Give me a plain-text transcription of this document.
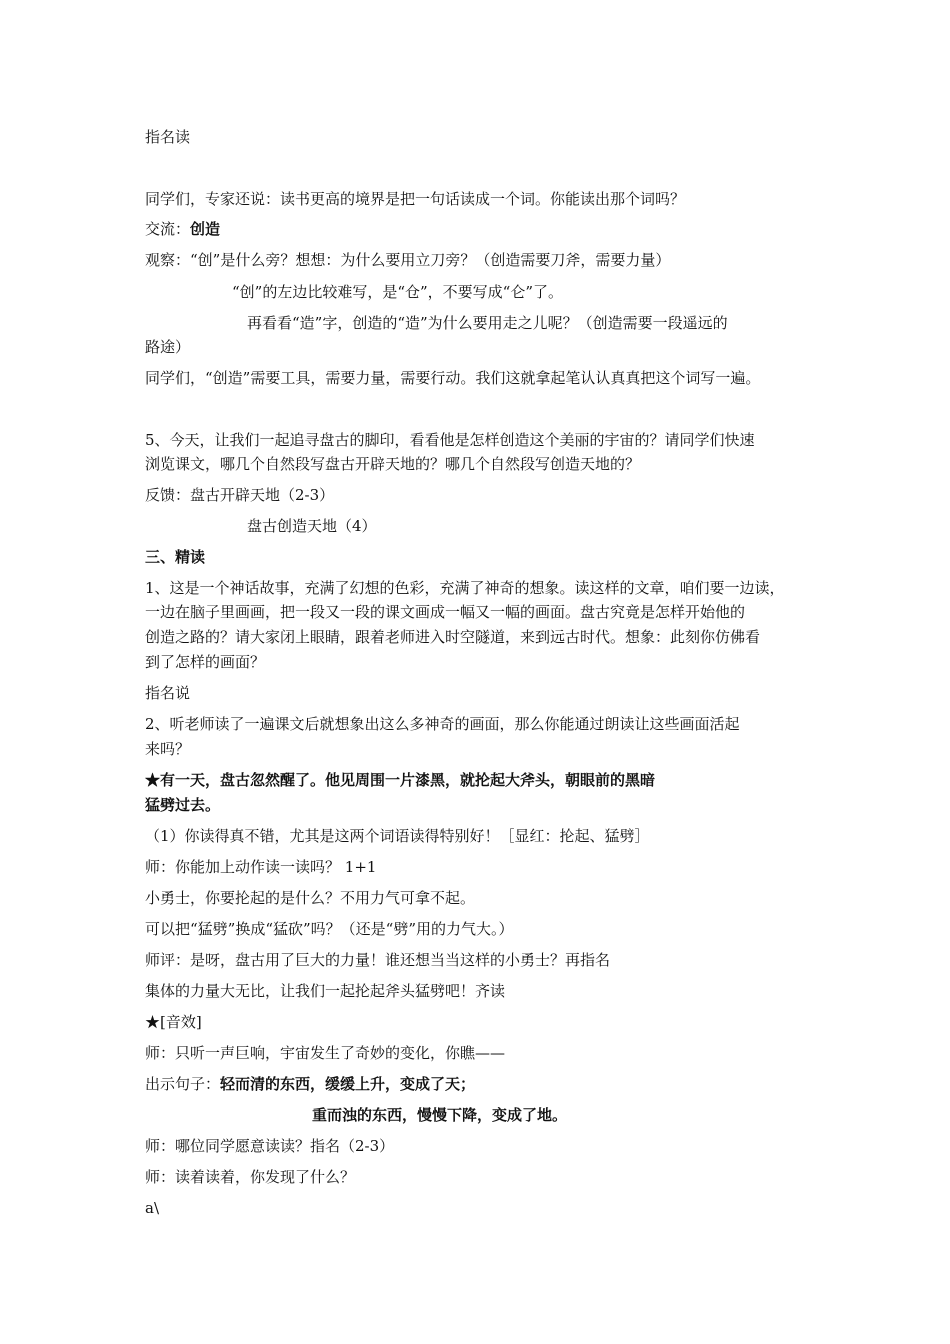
指名读
同学们，专家还说：读书更高的境界是把一句话读成一个词。你能读出那个词吗？
交流：创造
观察：“创”是什么旁？想想：为什么要用立刀旁？（创造需要刀斧，需要力量）
“创”的左边比较难写，是“仓”，不要写成“仑”了。
再看看“造”字，创造的“造”为什么要用走之儿呢？（创造需要一段遥远的
路途）
同学们，“创造”需要工具，需要力量，需要行动。我们这就拿起笔认认真真把这个词写一遍。
5、今天，让我们一起追寻盘古的脚印，看看他是怎样创造这个美丽的宇宙的？请同学们快速
浏览课文，哪几个自然段写盘古开辟天地的？哪几个自然段写创造天地的？
反馈：盘古开辟天地（2-3）
盘古创造天地（4）
三、精读
1、这是一个神话故事，充满了幻想的色彩，充满了神奇的想象。读这样的文章，咱们要一边读，
一边在脑子里画画，把一段又一段的课文画成一幅又一幅的画面。盘古究竟是怎样开始他的
创造之路的？请大家闭上眼睛，跟着老师进入时空隧道，来到远古时代。想象：此刻你仿佛看
到了怎样的画面？
指名说
2、听老师读了一遍课文后就想象出这么多神奇的画面，那么你能通过朗读让这些画面活起
来吗？
★有一天，盘古忽然醒了。他见周围一片漆黑，就抡起大斧头，朝眼前的黑暗
猛劈过去。
（1）你读得真不错，尤其是这两个词语读得特别好！［显红：抡起、猛劈］
师：你能加上动作读一读吗？ 1+1
小勇士，你要抡起的是什么？不用力气可拿不起。
可以把“猛劈”换成“猛砍”吗？（还是“劈”用的力气大。）
师评：是呀，盘古用了巨大的力量！谁还想当当这样的小勇士？再指名
集体的力量大无比，让我们一起抡起斧头猛劈吧！齐读
★[音效]
师：只听一声巨响，宇宙发生了奇妙的变化，你瞧——
出示句子：轻而清的东西，缓缓上升，变成了天；
重而浊的东西，慢慢下降，变成了地。
师：哪位同学愿意读读？指名（2-3）
师：读着读着，你发现了什么？
a\
